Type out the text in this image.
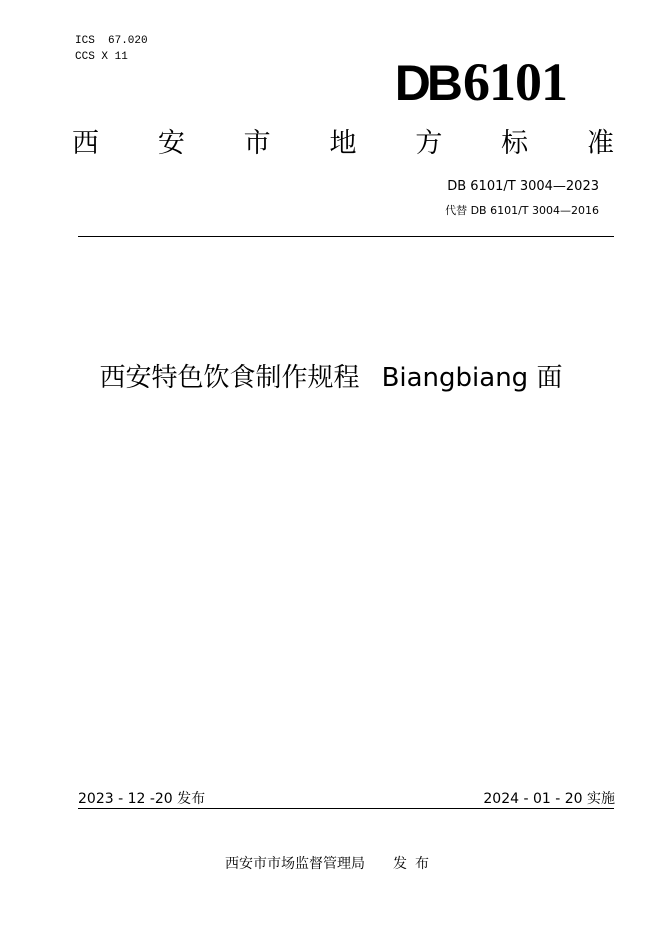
ICS  67.020
CCS X 11	DB6101
西 安 市 地 方 标 准
DB 6101/T 3004—2023
代替 DB 6101/T 3004—2016
西安特色饮食制作规程 Biangbiang 面
2023 - 12 -20 发布	2024 - 01 - 20 实施
西安市市场监督管理局 发布
